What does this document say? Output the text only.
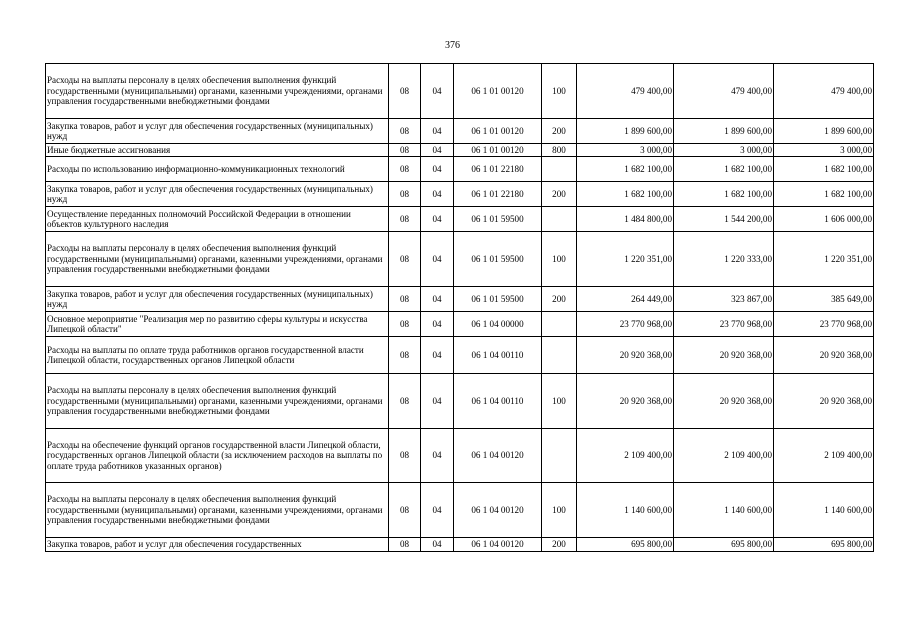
376
Расходы на выплаты персоналу в целях обеспечения выполнения функций государственными (муниципальными) органами, казенными учреждениями, органами управления государственными внебюджетными фондами	08	04	06 1 01 00120	100	479 400,00	479 400,00	479 400,00
Закупка товаров, работ и услуг для обеспечения государственных (муниципальных) нужд	08	04	06 1 01 00120	200	1 899 600,00	1 899 600,00	1 899 600,00
Иные бюджетные ассигнования	08	04	06 1 01 00120	800	3 000,00	3 000,00	3 000,00
Расходы по использованию информационно-коммуникационных технологий	08	04	06 1 01 22180		1 682 100,00	1 682 100,00	1 682 100,00
Закупка товаров, работ и услуг для обеспечения государственных (муниципальных) нужд	08	04	06 1 01 22180	200	1 682 100,00	1 682 100,00	1 682 100,00
Осуществление переданных полномочий Российской Федерации в отношении объектов культурного наследия	08	04	06 1 01 59500		1 484 800,00	1 544 200,00	1 606 000,00
Расходы на выплаты персоналу в целях обеспечения выполнения функций государственными (муниципальными) органами, казенными учреждениями, органами управления государственными внебюджетными фондами	08	04	06 1 01 59500	100	1 220 351,00	1 220 333,00	1 220 351,00
Закупка товаров, работ и услуг для обеспечения государственных (муниципальных) нужд	08	04	06 1 01 59500	200	264 449,00	323 867,00	385 649,00
Основное мероприятие "Реализация мер по развитию сферы культуры и искусства Липецкой области"	08	04	06 1 04 00000		23 770 968,00	23 770 968,00	23 770 968,00
Расходы на выплаты по оплате труда работников органов государственной власти Липецкой области, государственных органов Липецкой области	08	04	06 1 04 00110		20 920 368,00	20 920 368,00	20 920 368,00
Расходы на выплаты персоналу в целях обеспечения выполнения функций государственными (муниципальными) органами, казенными учреждениями, органами управления государственными внебюджетными фондами	08	04	06 1 04 00110	100	20 920 368,00	20 920 368,00	20 920 368,00
Расходы на обеспечение функций органов государственной власти Липецкой области, государственных органов Липецкой области (за исключением расходов на выплаты по оплате труда работников указанных органов)	08	04	06 1 04 00120		2 109 400,00	2 109 400,00	2 109 400,00
Расходы на выплаты персоналу в целях обеспечения выполнения функций государственными (муниципальными) органами, казенными учреждениями, органами управления государственными внебюджетными фондами	08	04	06 1 04 00120	100	1 140 600,00	1 140 600,00	1 140 600,00
Закупка товаров, работ и услуг для обеспечения государственных	08	04	06 1 04 00120	200	695 800,00	695 800,00	695 800,00
